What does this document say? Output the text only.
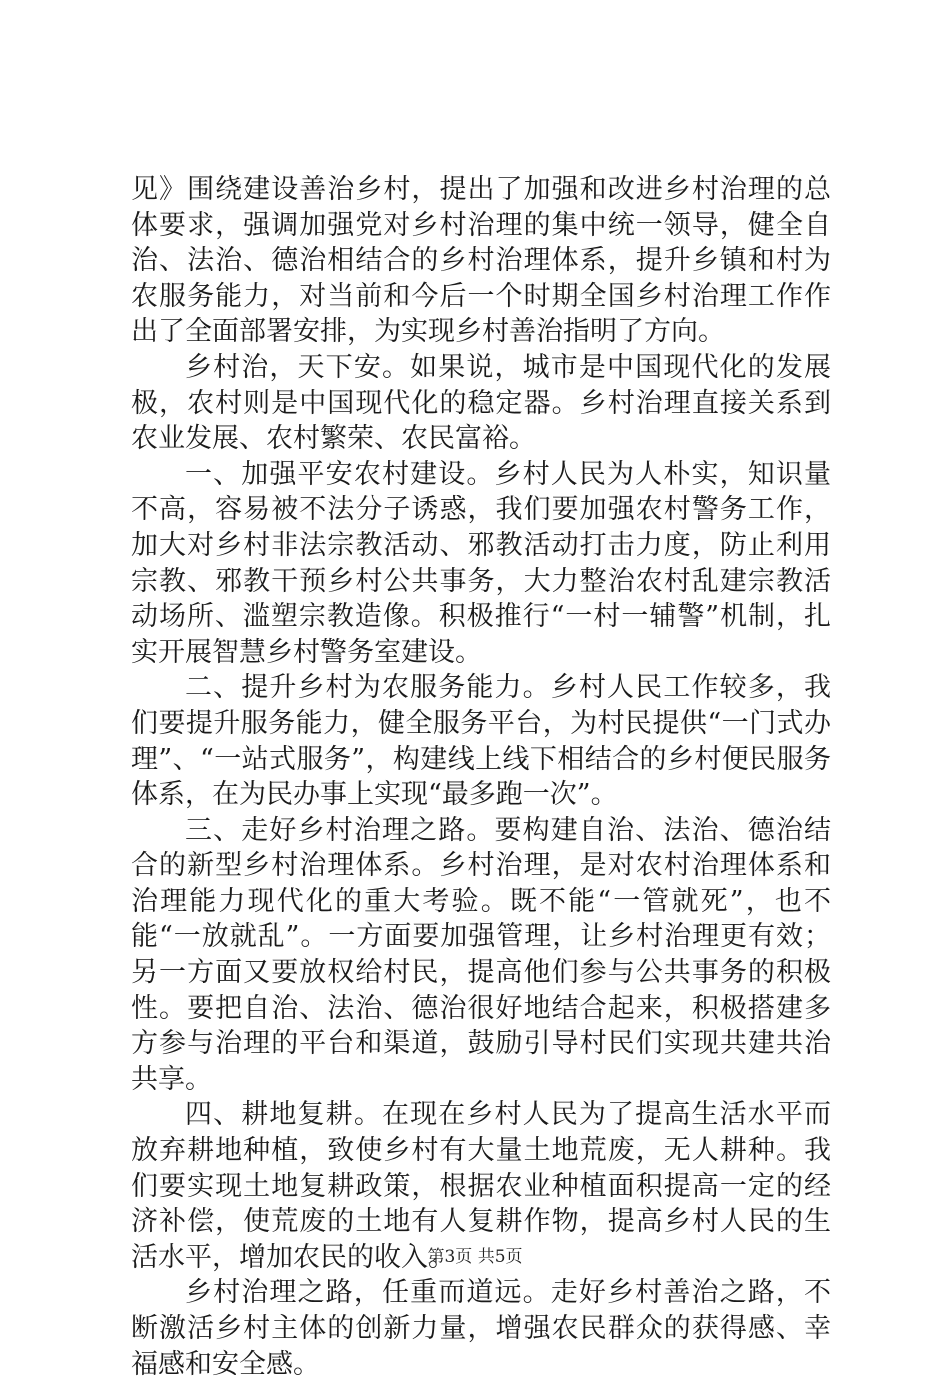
见》围绕建设善治乡村，提出了加强和改进乡村治理的总体要求，强调加强党对乡村治理的集中统一领导，健全自治、法治、德治相结合的乡村治理体系，提升乡镇和村为农服务能力，对当前和今后一个时期全国乡村治理工作作出了全面部署安排，为实现乡村善治指明了方向。

乡村治，天下安。如果说，城市是中国现代化的发展极，农村则是中国现代化的稳定器。乡村治理直接关系到农业发展、农村繁荣、农民富裕。

一、加强平安农村建设。乡村人民为人朴实，知识量不高，容易被不法分子诱惑，我们要加强农村警务工作，加大对乡村非法宗教活动、邪教活动打击力度，防止利用宗教、邪教干预乡村公共事务，大力整治农村乱建宗教活动场所、滥塑宗教造像。积极推行“一村一辅警”机制，扎实开展智慧乡村警务室建设。

二、提升乡村为农服务能力。乡村人民工作较多，我们要提升服务能力，健全服务平台，为村民提供“一门式办理”、“一站式服务”，构建线上线下相结合的乡村便民服务体系，在为民办事上实现“最多跑一次”。

三、走好乡村治理之路。要构建自治、法治、德治结合的新型乡村治理体系。乡村治理，是对农村治理体系和治理能力现代化的重大考验。既不能“一管就死”，也不能“一放就乱”。一方面要加强管理，让乡村治理更有效；另一方面又要放权给村民，提高他们参与公共事务的积极性。要把自治、法治、德治很好地结合起来，积极搭建多方参与治理的平台和渠道，鼓励引导村民们实现共建共治共享。

四、耕地复耕。在现在乡村人民为了提高生活水平而放弃耕地种植，致使乡村有大量土地荒废，无人耕种。我们要实现土地复耕政策，根据农业种植面积提高一定的经济补偿，使荒废的土地有人复耕作物，提高乡村人民的生活水平，增加农民的收入。

乡村治理之路，任重而道远。走好乡村善治之路，不断激活乡村主体的创新力量，增强农民群众的获得感、幸福感和安全感。

第3页 共5页
